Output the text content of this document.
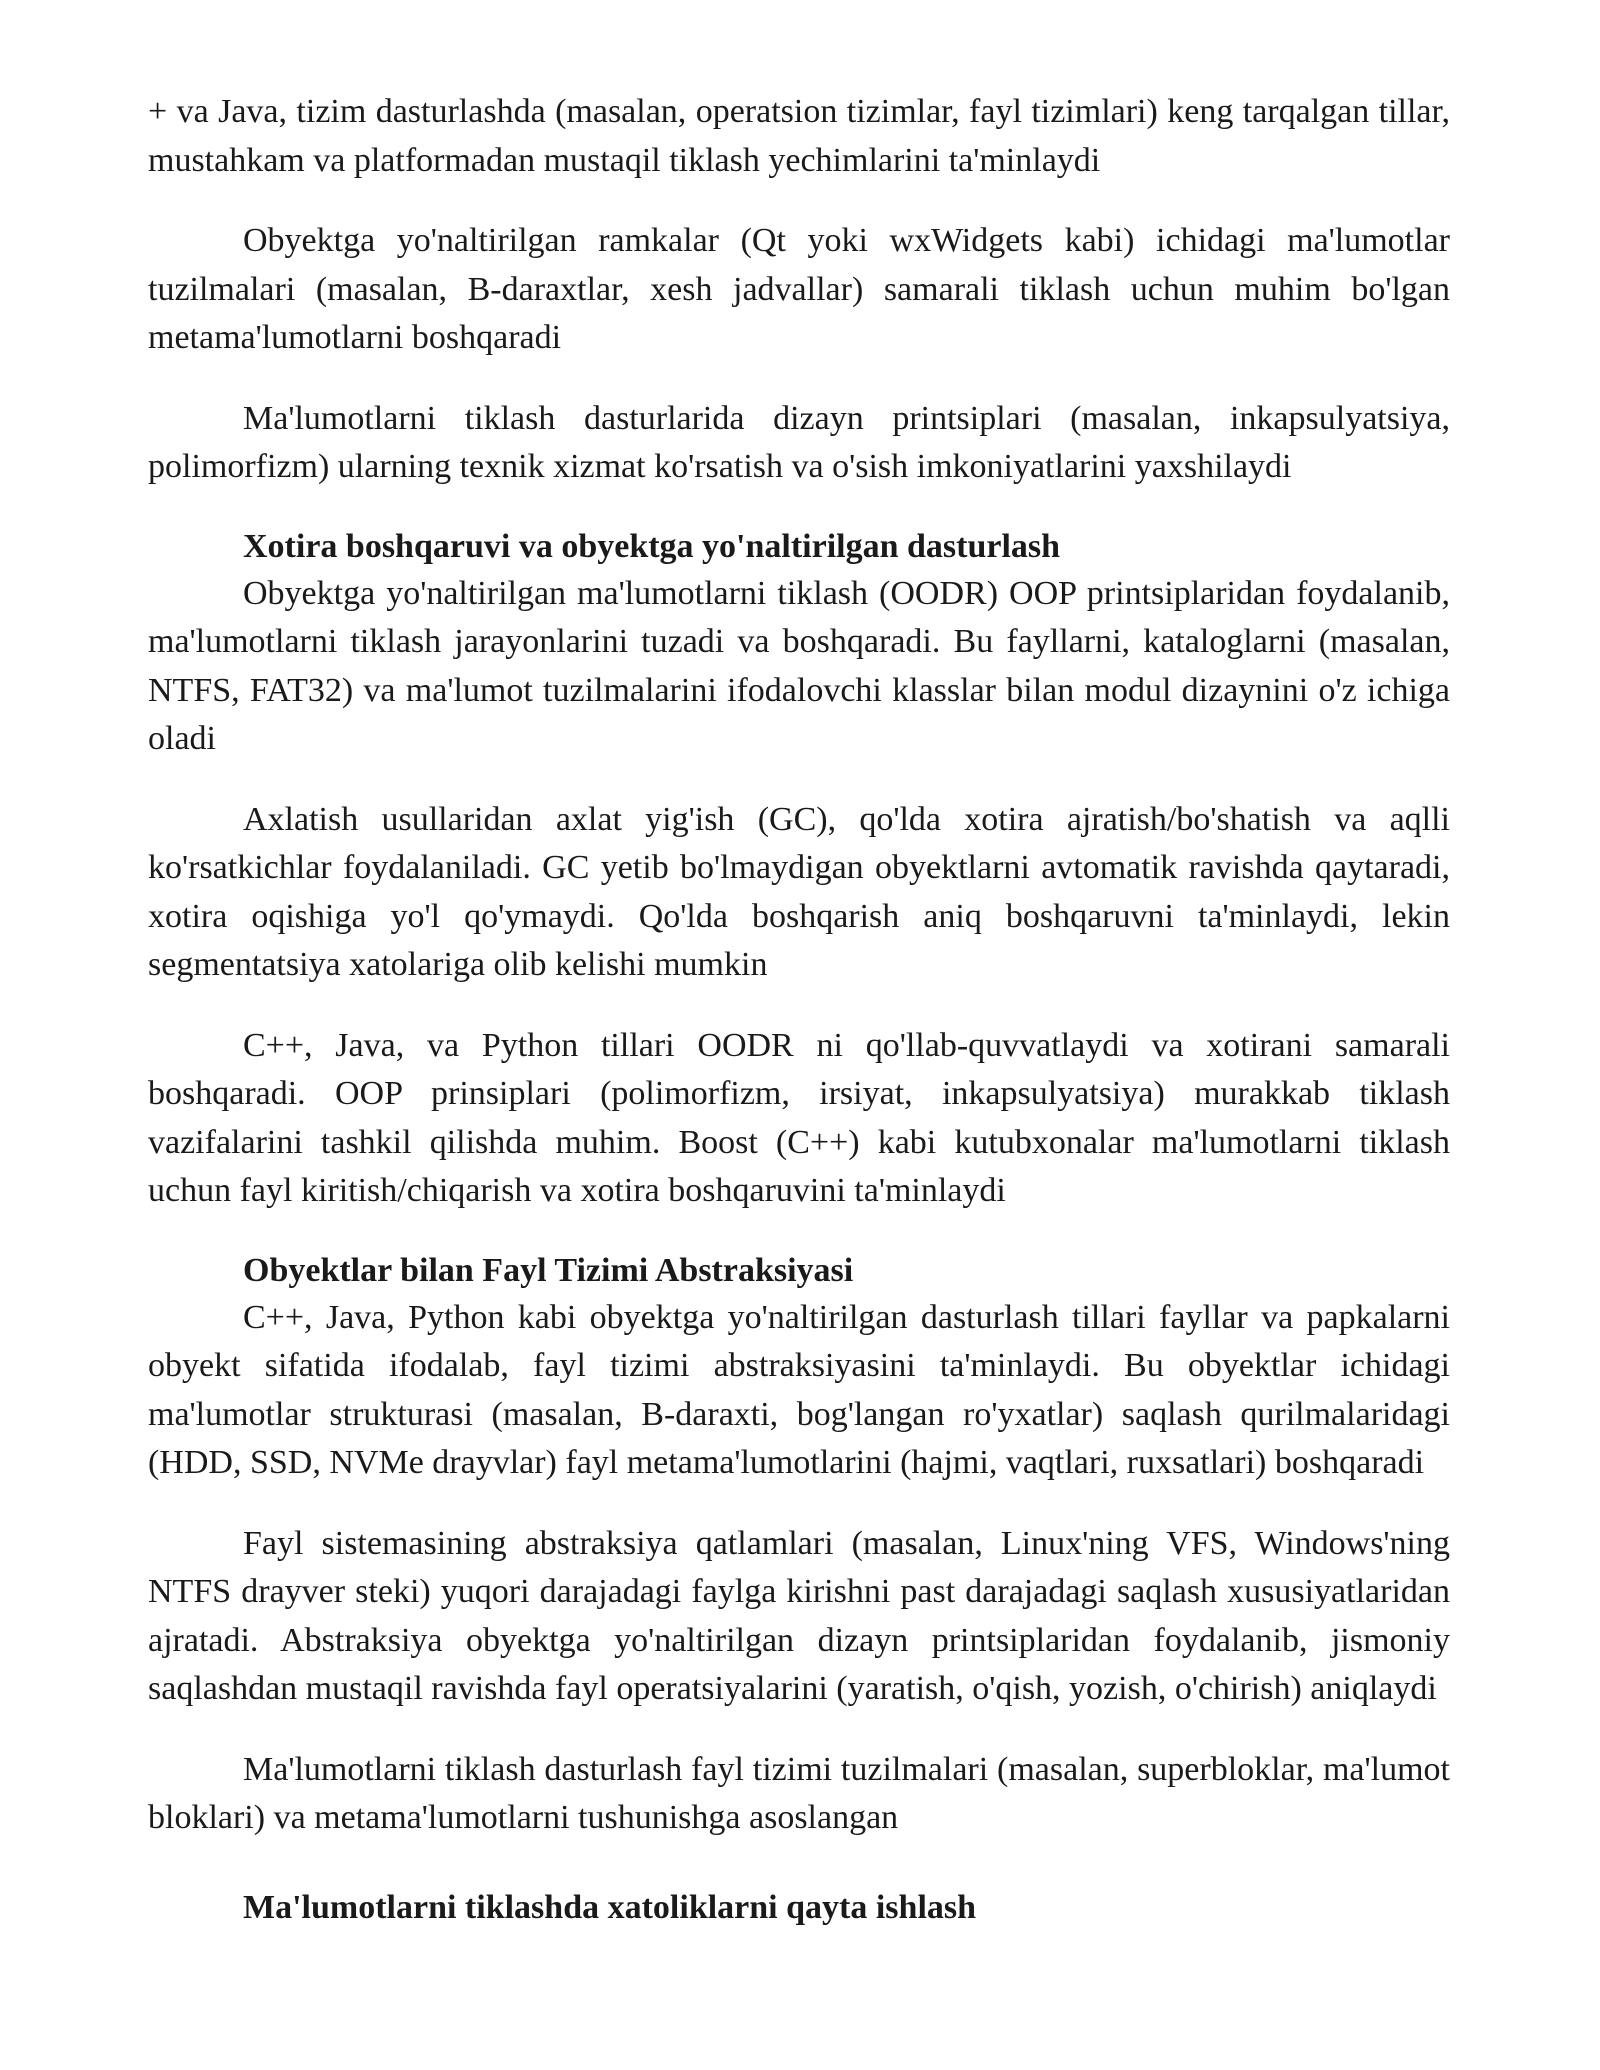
+ va Java, tizim dasturlashda (masalan, operatsion tizimlar, fayl tizimlari) keng tarqalgan tillar, mustahkam va platformadan mustaqil tiklash yechimlarini ta'minlaydi

Obyektga yo'naltirilgan ramkalar (Qt yoki wxWidgets kabi) ichidagi ma'lumotlar tuzilmalari (masalan, B-daraxtlar, xesh jadvallar) samarali tiklash uchun muhim bo'lgan metama'lumotlarni boshqaradi

Ma'lumotlarni tiklash dasturlarida dizayn printsiplari (masalan, inkapsulyatsiya, polimorfizm) ularning texnik xizmat ko'rsatish va o'sish imkoniyatlarini yaxshilaydi

Xotira boshqaruvi va obyektga yo'naltirilgan dasturlash

Obyektga yo'naltirilgan ma'lumotlarni tiklash (OODR) OOP printsiplaridan foydalanib, ma'lumotlarni tiklash jarayonlarini tuzadi va boshqaradi. Bu fayllarni, kataloglarni (masalan, NTFS, FAT32) va ma'lumot tuzilmalarini ifodalovchi klasslar bilan modul dizaynini o'z ichiga oladi

Axlatish usullaridan axlat yig'ish (GC), qo'lda xotira ajratish/bo'shatish va aqlli ko'rsatkichlar foydalaniladi. GC yetib bo'lmaydigan obyektlarni avtomatik ravishda qaytaradi, xotira oqishiga yo'l qo'ymaydi. Qo'lda boshqarish aniq boshqaruvni ta'minlaydi, lekin segmentatsiya xatolariga olib kelishi mumkin

C++, Java, va Python tillari OODR ni qo'llab-quvvatlaydi va xotirani samarali boshqaradi. OOP prinsiplari (polimorfizm, irsiyat, inkapsulyatsiya) murakkab tiklash vazifalarini tashkil qilishda muhim. Boost (C++) kabi kutubxonalar ma'lumotlarni tiklash uchun fayl kiritish/chiqarish va xotira boshqaruvini ta'minlaydi

Obyektlar bilan Fayl Tizimi Abstraksiyasi

C++, Java, Python kabi obyektga yo'naltirilgan dasturlash tillari fayllar va papkalarni obyekt sifatida ifodalab, fayl tizimi abstraksiyasini ta'minlaydi. Bu obyektlar ichidagi ma'lumotlar strukturasi (masalan, B-daraxti, bog'langan ro'yxatlar) saqlash qurilmalaridagi (HDD, SSD, NVMe drayvlar) fayl metama'lumotlarini (hajmi, vaqtlari, ruxsatlari) boshqaradi

Fayl sistemasining abstraksiya qatlamlari (masalan, Linux'ning VFS, Windows'ning NTFS drayver steki) yuqori darajadagi faylga kirishni past darajadagi saqlash xususiyatlaridan ajratadi. Abstraksiya obyektga yo'naltirilgan dizayn printsiplaridan foydalanib, jismoniy saqlashdan mustaqil ravishda fayl operatsiyalarini (yaratish, o'qish, yozish, o'chirish) aniqlaydi

Ma'lumotlarni tiklash dasturlash fayl tizimi tuzilmalari (masalan, superbloklar, ma'lumot bloklari) va metama'lumotlarni tushunishga asoslangan

Ma'lumotlarni tiklashda xatoliklarni qayta ishlash
